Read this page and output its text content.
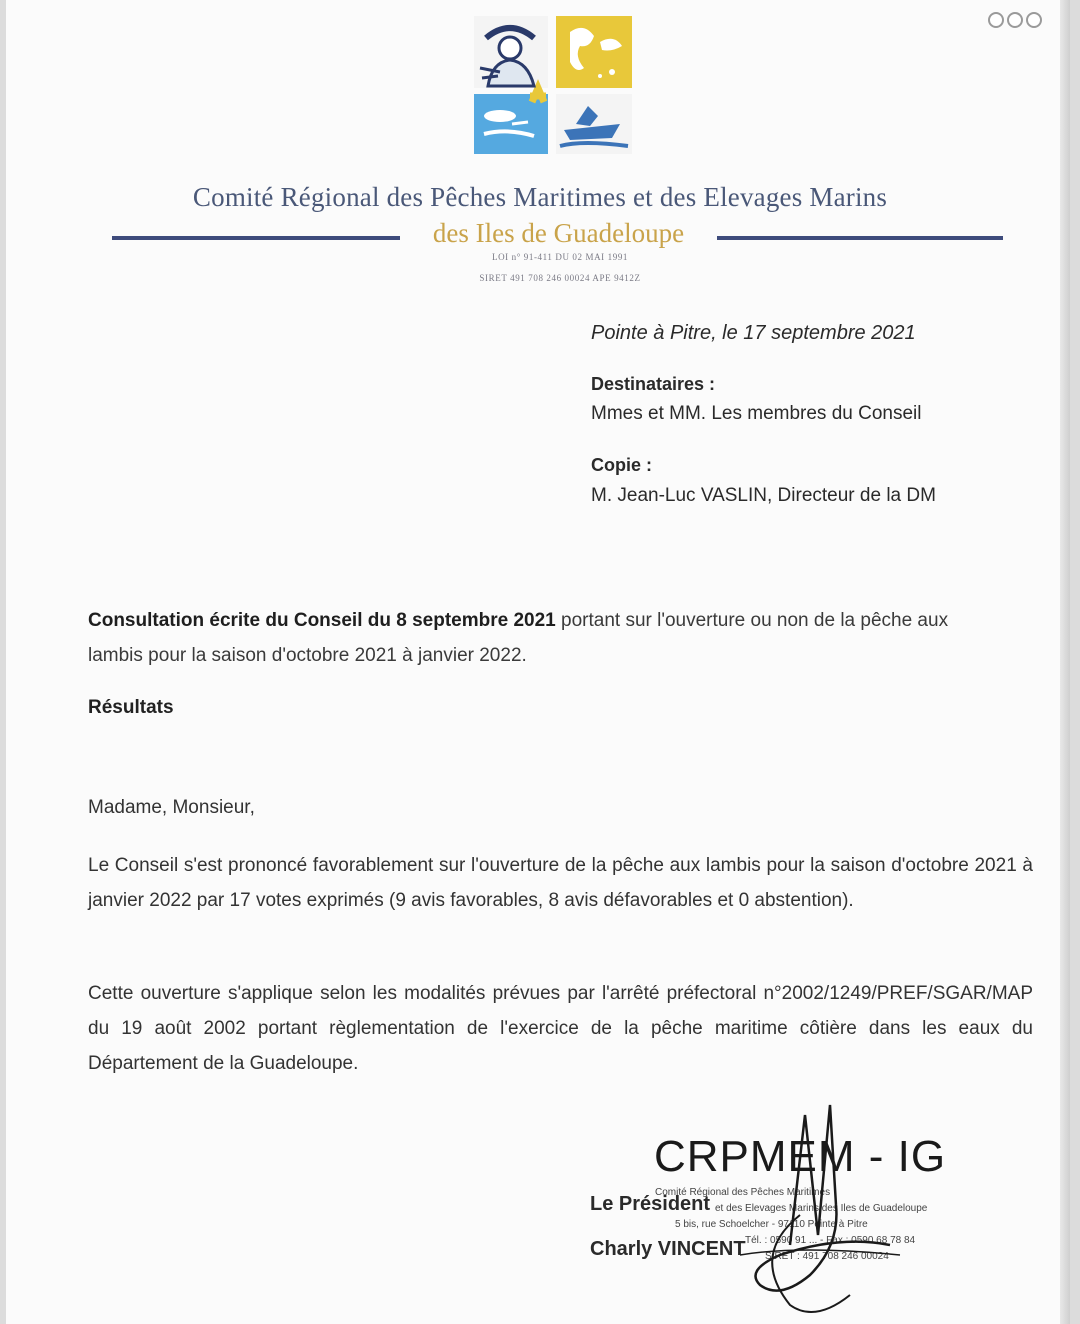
Comité Régional des Pêches Maritimes et des Elevages Marins
des Iles de Guadeloupe
LOI n° 91-411 DU 02 MAI 1991
SIRET 491 708 246 00024 APE 9412Z
Pointe à Pitre, le 17 septembre 2021
Destinataires :
Mmes et MM. Les membres du Conseil
Copie :
M. Jean-Luc VASLIN, Directeur de la DM
Consultation écrite du Conseil du 8 septembre 2021 portant sur l'ouverture ou non de la pêche aux lambis pour la saison d'octobre 2021 à janvier 2022.
Résultats
Madame, Monsieur,
Le Conseil s'est prononcé favorablement sur l'ouverture de la pêche aux lambis pour la saison d'octobre 2021 à janvier 2022 par 17 votes exprimés (9 avis favorables, 8 avis défavorables et 0 abstention).
Cette ouverture s'applique selon les modalités prévues par l'arrêté préfectoral n°2002/1249/PREF/SGAR/MAP du 19 août 2002 portant règlementation de l'exercice de la pêche maritime côtière dans les eaux du Département de la Guadeloupe.
CRPMEM - IG
Comité Régional des Pêches Maritimes
et des Elevages Marins des Iles de Guadeloupe
5 bis, rue Schoelcher - 97110 Pointe à Pitre
Tél. : 0590 91 ... - Fax : 0590 68 78 84
SIRET : 491 708 246 00024
Le Président
Charly VINCENT
